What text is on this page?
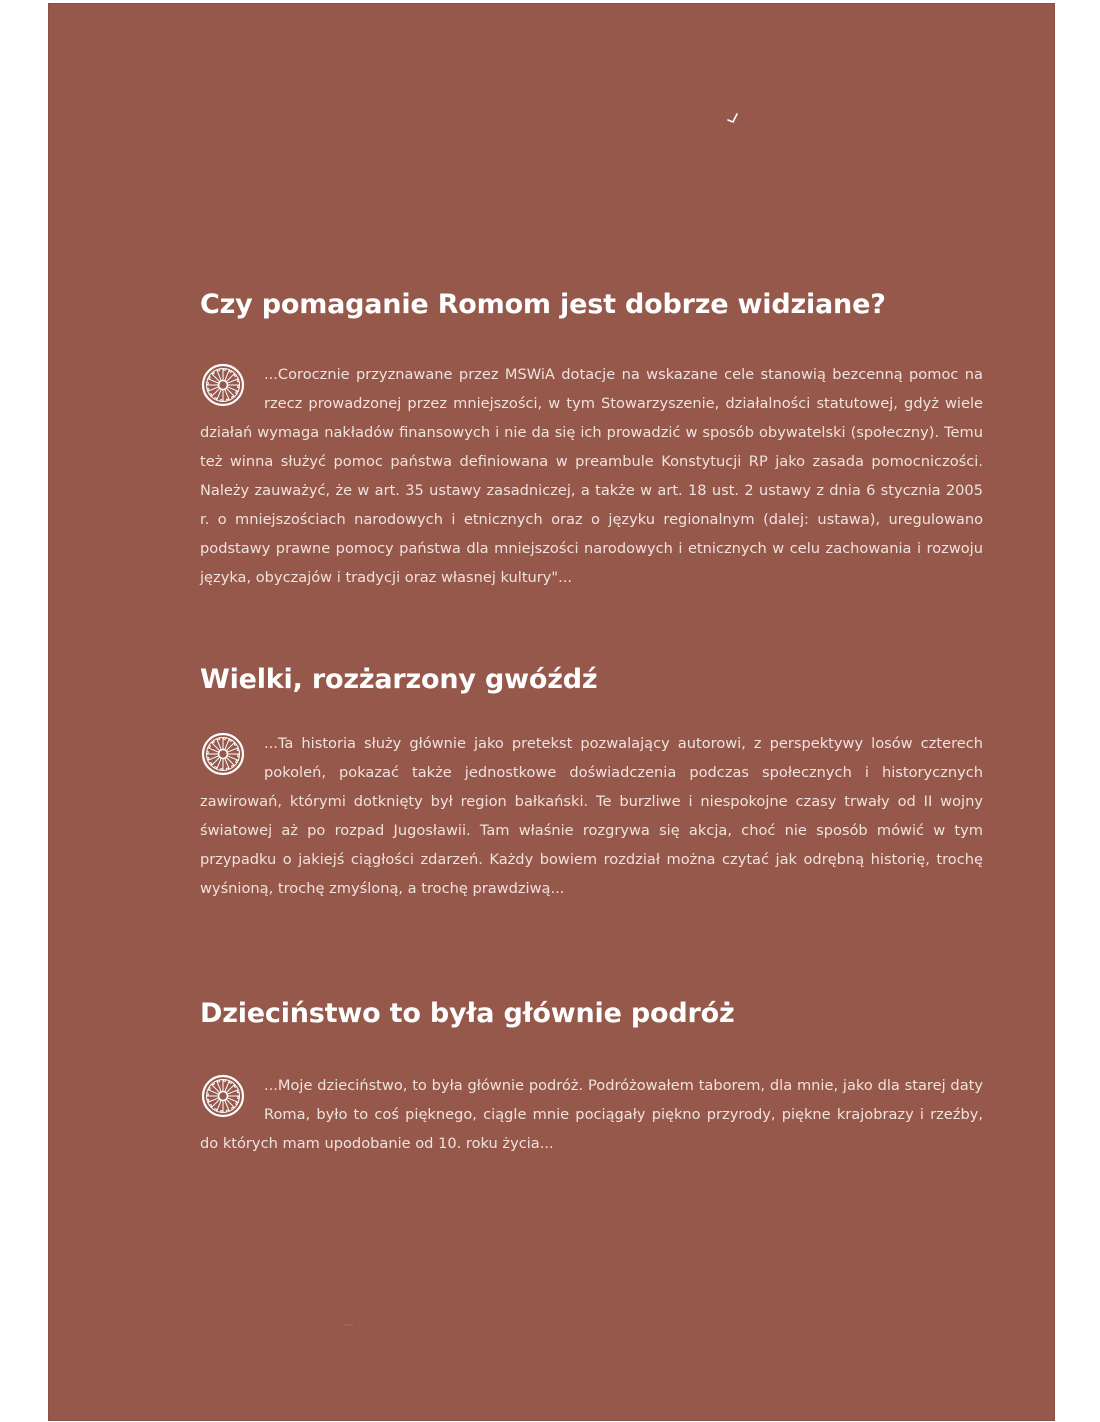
Czy pomaganie Romom jest dobrze widziane?
...Corocznie przyznawane przez MSWiA dotacje na wskazane cele stanowią bezcenną pomoc na rzecz prowadzonej przez mniejszości, w tym Stowarzyszenie, działalności statutowej, gdyż wiele działań wymaga nakładów finansowych i nie da się ich prowadzić w sposób obywatelski (społeczny). Temu też winna służyć pomoc państwa definiowana w preambule Konstytucji RP jako zasada pomocniczości. Należy zauważyć, że w art. 35 ustawy zasadniczej, a także w art. 18 ust. 2 ustawy z dnia 6 stycznia 2005 r. o mniejszościach narodowych i etnicznych oraz o języku regionalnym (dalej: ustawa), uregulowano podstawy prawne pomocy państwa dla mniejszości narodowych i etnicznych w celu zachowania i rozwoju języka, obyczajów i tradycji oraz własnej kultury"...
Wielki, rozżarzony gwóźdź
...Ta historia służy głównie jako pretekst pozwalający autorowi, z perspektywy losów czterech pokoleń, pokazać także jednostkowe doświadczenia podczas społecznych i historycznych zawirowań, którymi dotknięty był region bałkański. Te burzliwe i niespokojne czasy trwały od II wojny światowej aż po rozpad Jugosławii. Tam właśnie rozgrywa się akcja, choć nie sposób mówić w tym przypadku o jakiejś ciągłości zdarzeń. Każdy bowiem rozdział można czytać jak odrębną historię, trochę wyśnioną, trochę zmyśloną, a trochę prawdziwą...
Dzieciństwo to była głównie podróż
...Moje dzieciństwo, to była głównie podróż. Podróżowałem taborem, dla mnie, jako dla starej daty Roma, było to coś pięknego, ciągle mnie pociągały piękno przyrody, piękne krajobrazy i rzeźby, do których mam upodobanie od 10. roku życia...
